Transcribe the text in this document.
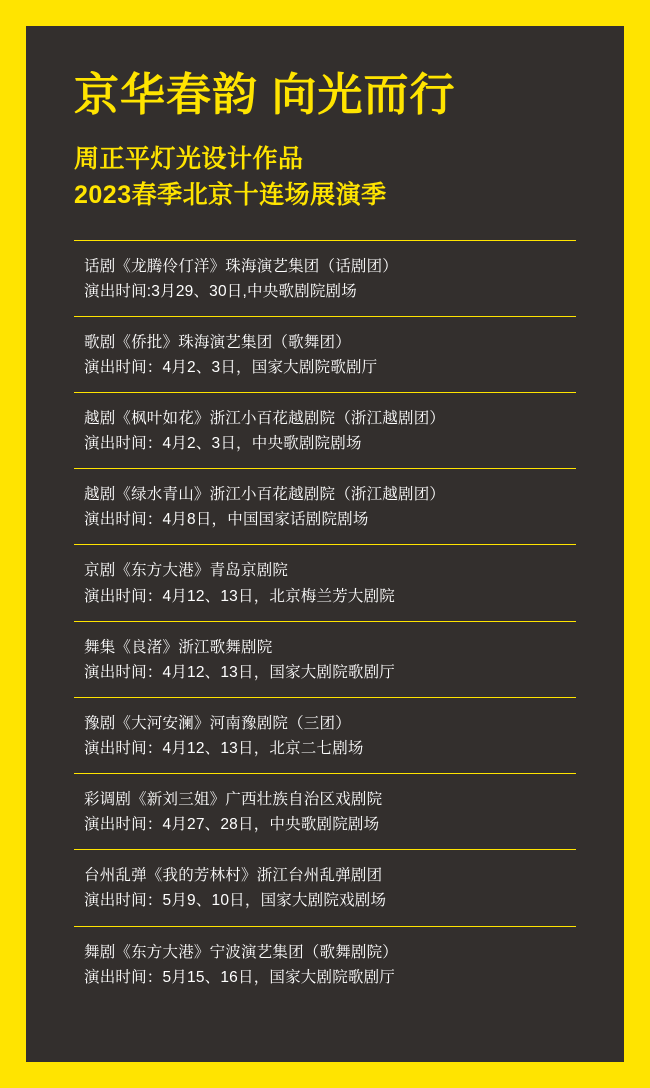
京华春韵 向光而行
周正平灯光设计作品
2023春季北京十连场展演季
话剧《龙腾伶仃洋》珠海演艺集团（话剧团）
演出时间:3月29、30日,中央歌剧院剧场
歌剧《侨批》珠海演艺集团（歌舞团）
演出时间：4月2、3日，国家大剧院歌剧厅
越剧《枫叶如花》浙江小百花越剧院（浙江越剧团）
演出时间：4月2、3日，中央歌剧院剧场
越剧《绿水青山》浙江小百花越剧院（浙江越剧团）
演出时间：4月8日，中国国家话剧院剧场
京剧《东方大港》青岛京剧院
演出时间：4月12、13日，北京梅兰芳大剧院
舞集《良渚》浙江歌舞剧院
演出时间：4月12、13日，国家大剧院歌剧厅
豫剧《大河安澜》河南豫剧院（三团）
演出时间：4月12、13日，北京二七剧场
彩调剧《新刘三姐》广西壮族自治区戏剧院
演出时间：4月27、28日，中央歌剧院剧场
台州乱弹《我的芳林村》浙江台州乱弹剧团
演出时间：5月9、10日，国家大剧院戏剧场
舞剧《东方大港》宁波演艺集团（歌舞剧院）
演出时间：5月15、16日，国家大剧院歌剧厅
